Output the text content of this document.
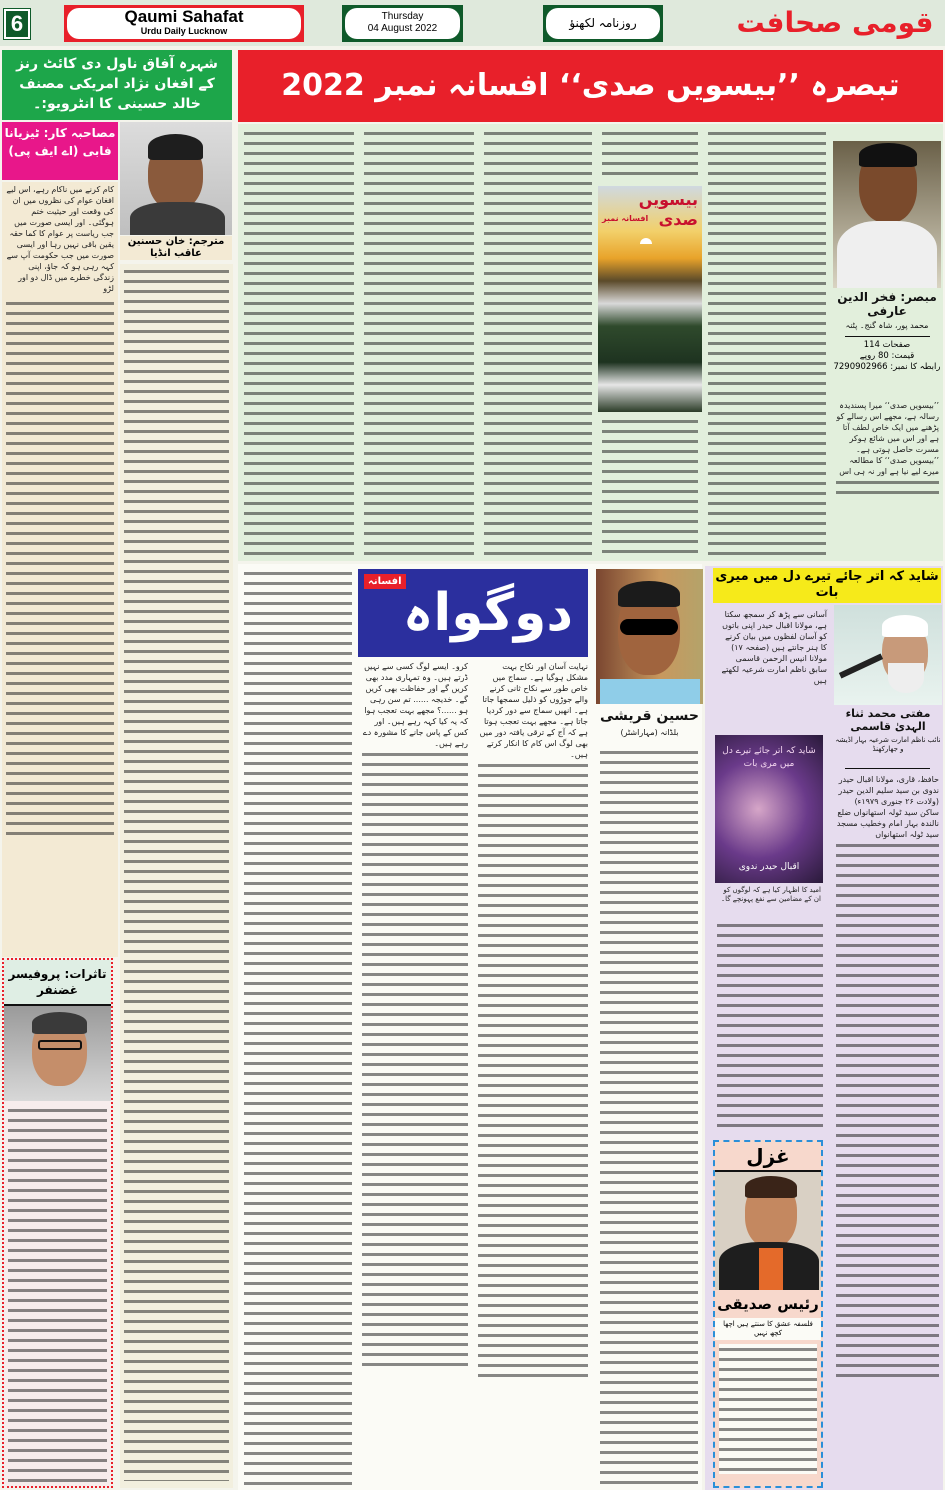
6	Qaumi Sahafat
Urdu Daily Lucknow
Thursday
04 August 2022	روزنامہ لکھنؤ	قومی صحافت
شہرہ آفاق ناول دی کائٹ رنز کے افغان نژاد امریکی مصنف خالد حسینی کا انٹرویو:۔
مصاحبہ کار: ٹیزیانا فابی (اے ایف پی)
مترجم: خان حسنین عاقب انڈیا
کام کرنے میں ناکام رہے، اس لیے افغان عوام کی نظروں میں ان کی وقعت اور حیثیت ختم ہوگئی۔ اور ایسی صورت میں جب ریاست پر عوام کا کما حقہ یقین باقی نہیں رہا اور ایسی صورت میں جب حکومت آپ سے کہہ رہی ہو کہ جاؤ، اپنی زندگی خطرے میں ڈال دو اور لڑو
تاثرات: پروفیسر غضنفر
تبصرہ ’’بیسویں صدی‘‘ افسانہ نمبر 2022
بیسویں صدی
افسانہ نمبر
مبصر: فخر الدین عارفی
محمد پور، شاہ گنج۔ پٹنہ
صفحات 114
قیمت: 80 روپے
رابطہ کا نمبر: 7290902966
’’بیسویں صدی‘‘ میرا پسندیدہ رسالہ ہے، مجھے اس رسالے کو پڑھنے میں ایک خاص لطف آتا ہے اور اس میں شائع ہوکر مسرت حاصل ہوتی ہے۔ ’’بیسویں صدی‘‘ کا مطالعہ میرے لیے نیا ہے اور نہ ہی اس
افسانہ
دوگواہ
حسین قریشی
بلڈانہ (مہاراشٹر)
کرو۔ ایسے لوگ کسی سے نہیں ڈرتے ہیں۔ وہ تمہاری مدد بھی کریں گے اور حفاظت بھی کریں گے۔ خدیجہ ...... تم سن رہی ہو ......؟ مجھے بہت تعجب ہوا کہ یہ کیا کہہ رہے ہیں۔ اور کس کے پاس جانے کا مشورہ دے رہے ہیں۔
نہایت آسان اور نکاح بہت مشکل ہوگیا ہے۔ سماج میں خاص طور سے نکاح ثانی کرنے والے جوڑوں کو ذلیل سمجھا جاتا ہے۔ انھیں سماج سے دور کردیا جاتا ہے۔ مجھے بہت تعجب ہوتا ہے کہ آج کے ترقی یافتہ دور میں بھی لوگ اس کام کا انکار کرتے ہیں۔
شاید کہ اتر جائے تیرے دل میں میری بات
آسانی سے پڑھ کر سمجھ سکتا ہے، مولانا اقبال حیدر اپنی باتوں کو آسان لفظوں میں بیان کرنے کا ہنر جانتے ہیں (صفحہ ۱۷) مولانا انیس الرحمن قاسمی سابق ناظم امارت شرعیہ لکھتے ہیں
مفتی محمد ثناء الہدیٰ قاسمی
نائب ناظم امارت شرعیہ بہار اڈیشہ و جھارکھنڈ
شاید کہ اتر جائے تیرے دل میں مری بات
اقبال حیدر ندوی
امید کا اظہار کیا ہے کہ لوگوں کو ان کے مضامین سے نفع پہونچے گا۔
حافظ، قاری، مولانا اقبال حیدر ندوی بن سید سلیم الدین حیدر (ولادت ۲۶ جنوری ۱۹۷۹ء) ساکن سید ٹولہ استھانواں ضلع نالندہ بہار امام وخطیب مسجد سید ٹولہ استھانواں
غزل
رئیس صدیقی
فلسفہ عشق کا سنتے ہیں اچھا کچھ نہیں
